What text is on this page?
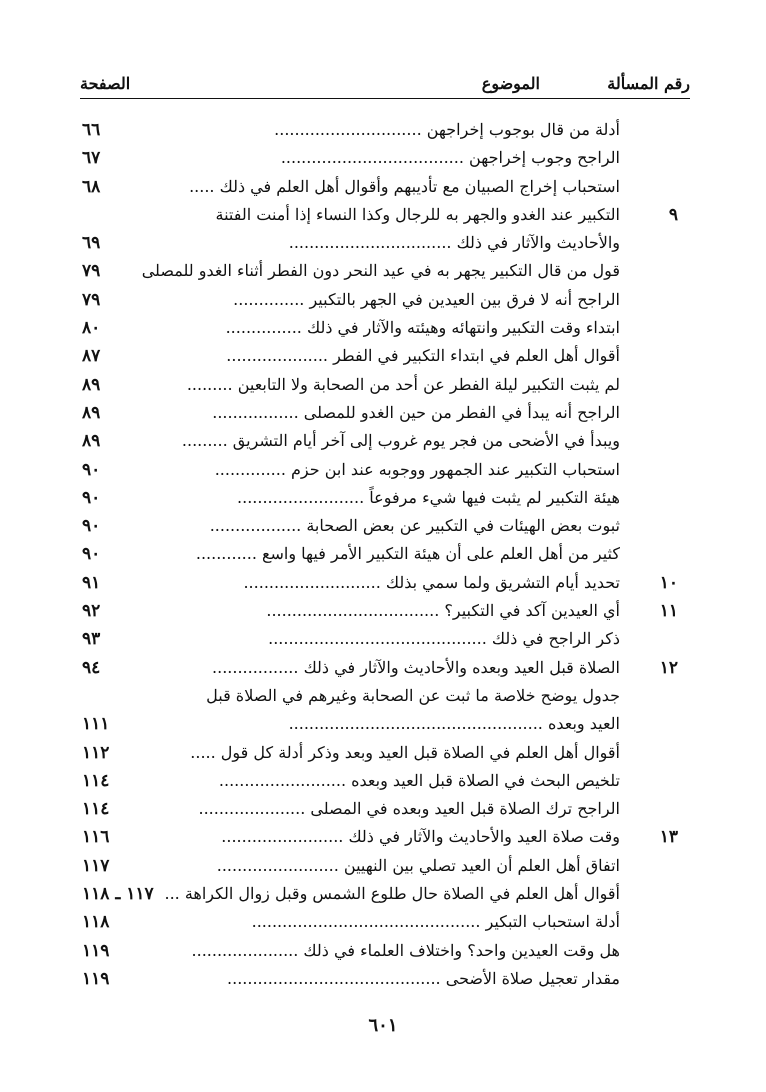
رقم المسألة
الموضوع
الصفحة
أدلة من قال بوجوب إخراجهن .............................
٦٦
الراجح وجوب إخراجهن ....................................
٦٧
استحباب إخراج الصبيان مع تأديبهم وأقوال أهل العلم في ذلك .....
٦٨
٩
التكبير عند الغدو والجهر به للرجال وكذا النساء إذا أمنت الفتنة
والأحاديث والآثار في ذلك ................................
٦٩
قول من قال التكبير يجهر به في عيد النحر دون الفطر أثناء الغدو للمصلى
٧٩
الراجح أنه لا فرق بين العيدين في الجهر بالتكبير ..............
٧٩
ابتداء وقت التكبير وانتهائه وهيئته والآثار في ذلك ...............
٨٠
أقوال أهل العلم في ابتداء التكبير في الفطر ....................
٨٧
لم يثبت التكبير ليلة الفطر عن أحد من الصحابة ولا التابعين .........
٨٩
الراجح أنه يبدأ في الفطر من حين الغدو للمصلى .................
٨٩
ويبدأ في الأضحى من فجر يوم غروب إلى آخر أيام التشريق .........
٨٩
استحباب التكبير عند الجمهور ووجوبه عند ابن حزم ..............
٩٠
هيئة التكبير لم يثبت فيها شيء مرفوعاً .........................
٩٠
ثبوت بعض الهيئات في التكبير عن بعض الصحابة ..................
٩٠
كثير من أهل العلم على أن هيئة التكبير الأمر فيها واسع ............
٩٠
١٠
تحديد أيام التشريق ولما سمي بذلك ...........................
٩١
١١
أي العيدين آكد في التكبير؟ ..................................
٩٢
ذكر الراجح في ذلك ...........................................
٩٣
١٢
الصلاة قبل العيد وبعده والأحاديث والآثار في ذلك .................
٩٤
جدول يوضح خلاصة ما ثبت عن الصحابة وغيرهم في الصلاة قبل
العيد وبعده ..................................................
١١١
أقوال أهل العلم في الصلاة قبل العيد وبعد وذكر أدلة كل قول .....
١١٢
تلخيص البحث في الصلاة قبل العيد وبعده .........................
١١٤
الراجح ترك الصلاة قبل العيد وبعده في المصلى .....................
١١٤
١٣
وقت صلاة العيد والأحاديث والآثار في ذلك ........................
١١٦
اتفاق أهل العلم أن العيد تصلي بين النهيين ........................
١١٧
أقوال أهل العلم في الصلاة حال طلوع الشمس وقبل زوال الكراهة ...
١١٧ ـ ١١٨
أدلة استحباب التبكير .............................................
١١٨
هل وقت العيدين واحد؟ واختلاف العلماء في ذلك .....................
١١٩
مقدار تعجيل صلاة الأضحى ..........................................
١١٩
٦٠١
